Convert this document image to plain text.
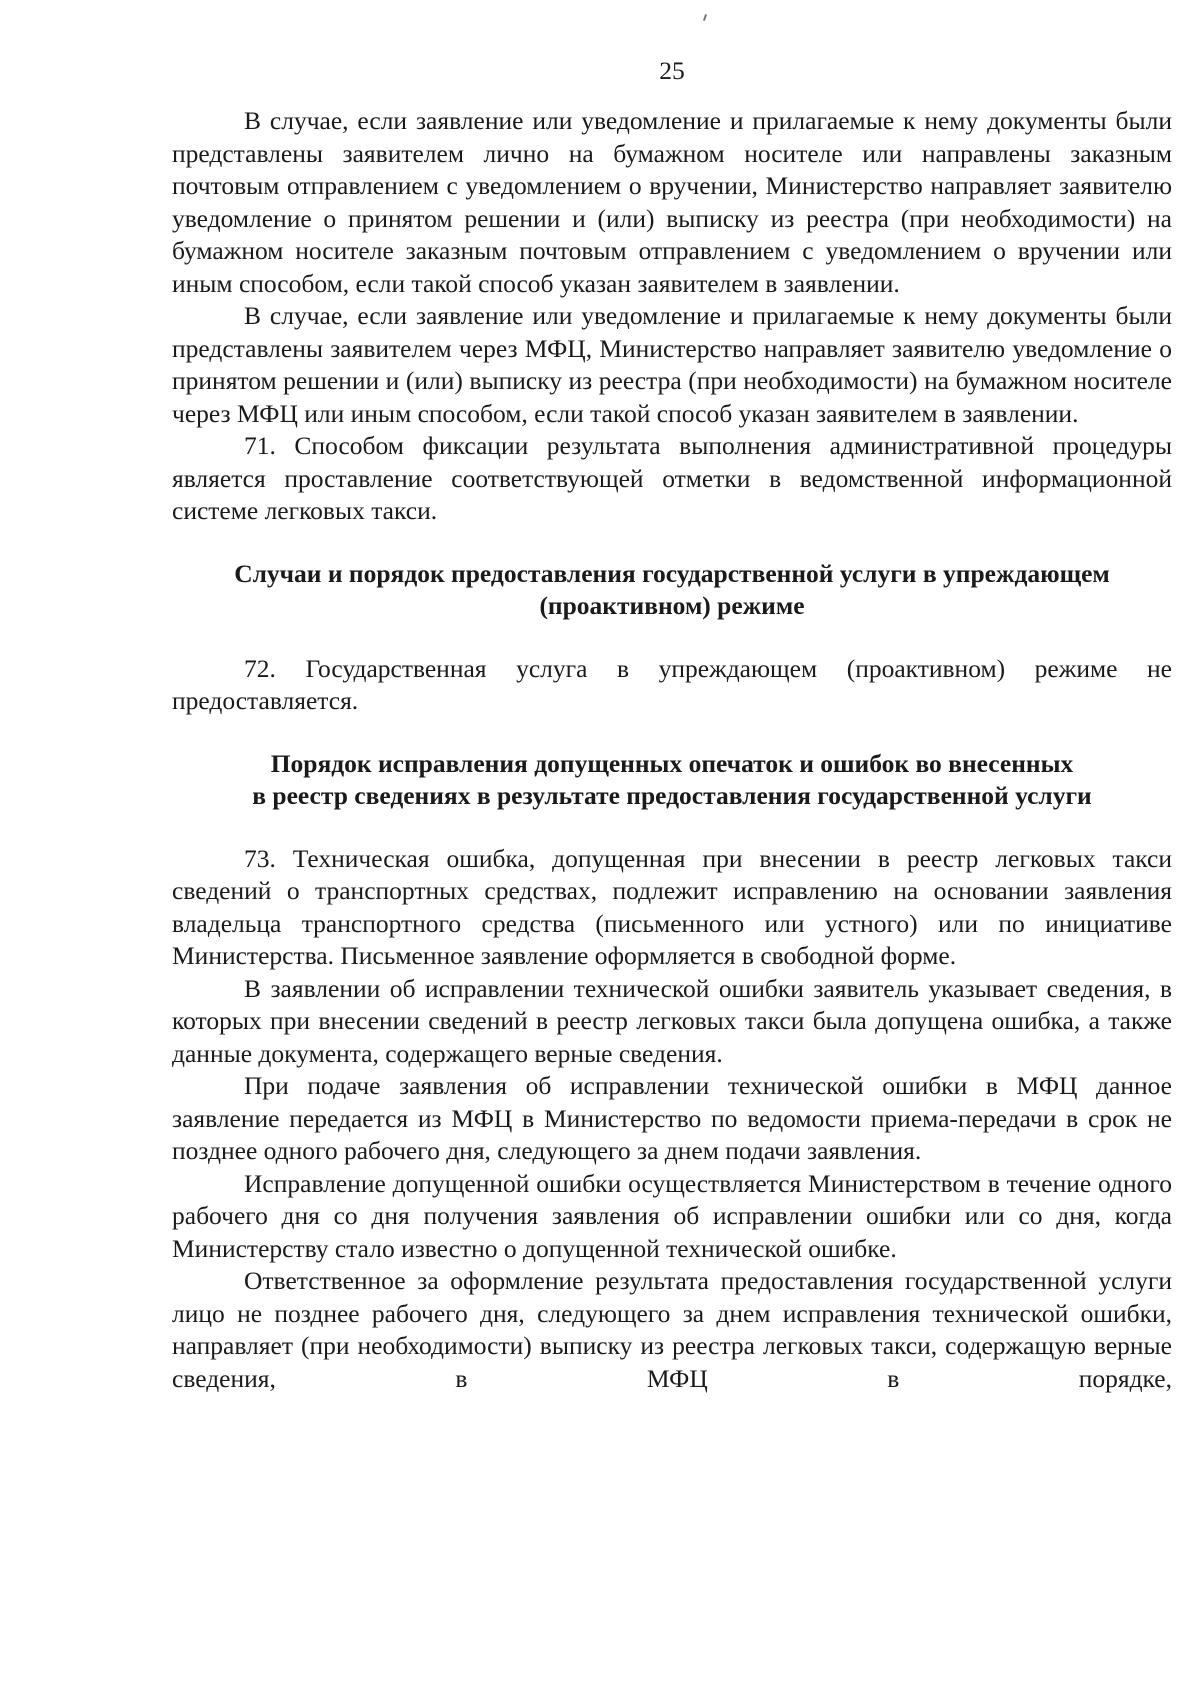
25

В случае, если заявление или уведомление и прилагаемые к нему документы были представлены заявителем лично на бумажном носителе или направлены заказным почтовым отправлением с уведомлением о вручении, Министерство направляет заявителю уведомление о принятом решении и (или) выписку из реестра (при необходимости) на бумажном носителе заказным почтовым отправлением с уведомлением о вручении или иным способом, если такой способ указан заявителем в заявлении.

В случае, если заявление или уведомление и прилагаемые к нему документы были представлены заявителем через МФЦ, Министерство направляет заявителю уведомление о принятом решении и (или) выписку из реестра (при необходимости) на бумажном носителе через МФЦ или иным способом, если такой способ указан заявителем в заявлении.

71. Способом фиксации результата выполнения административной процедуры является проставление соответствующей отметки в ведомственной информационной системе легковых такси.

Случаи и порядок предоставления государственной услуги в упреждающем
(проактивном) режиме

72. Государственная услуга в упреждающем (проактивном) режиме не предоставляется.

Порядок исправления допущенных опечаток и ошибок во внесенных
в реестр сведениях в результате предоставления государственной услуги

73. Техническая ошибка, допущенная при внесении в реестр легковых такси сведений о транспортных средствах, подлежит исправлению на основании заявления владельца транспортного средства (письменного или устного) или по инициативе Министерства. Письменное заявление оформляется в свободной форме.

В заявлении об исправлении технической ошибки заявитель указывает сведения, в которых при внесении сведений в реестр легковых такси была допущена ошибка, а также данные документа, содержащего верные сведения.

При подаче заявления об исправлении технической ошибки в МФЦ данное заявление передается из МФЦ в Министерство по ведомости приема-передачи в срок не позднее одного рабочего дня, следующего за днем подачи заявления.

Исправление допущенной ошибки осуществляется Министерством в течение одного рабочего дня со дня получения заявления об исправлении ошибки или со дня, когда Министерству стало известно о допущенной технической ошибке.

Ответственное за оформление результата предоставления государственной услуги лицо не позднее рабочего дня, следующего за днем исправления технической ошибки, направляет (при необходимости) выписку из реестра легковых такси, содержащую верные сведения, в МФЦ в порядке,
